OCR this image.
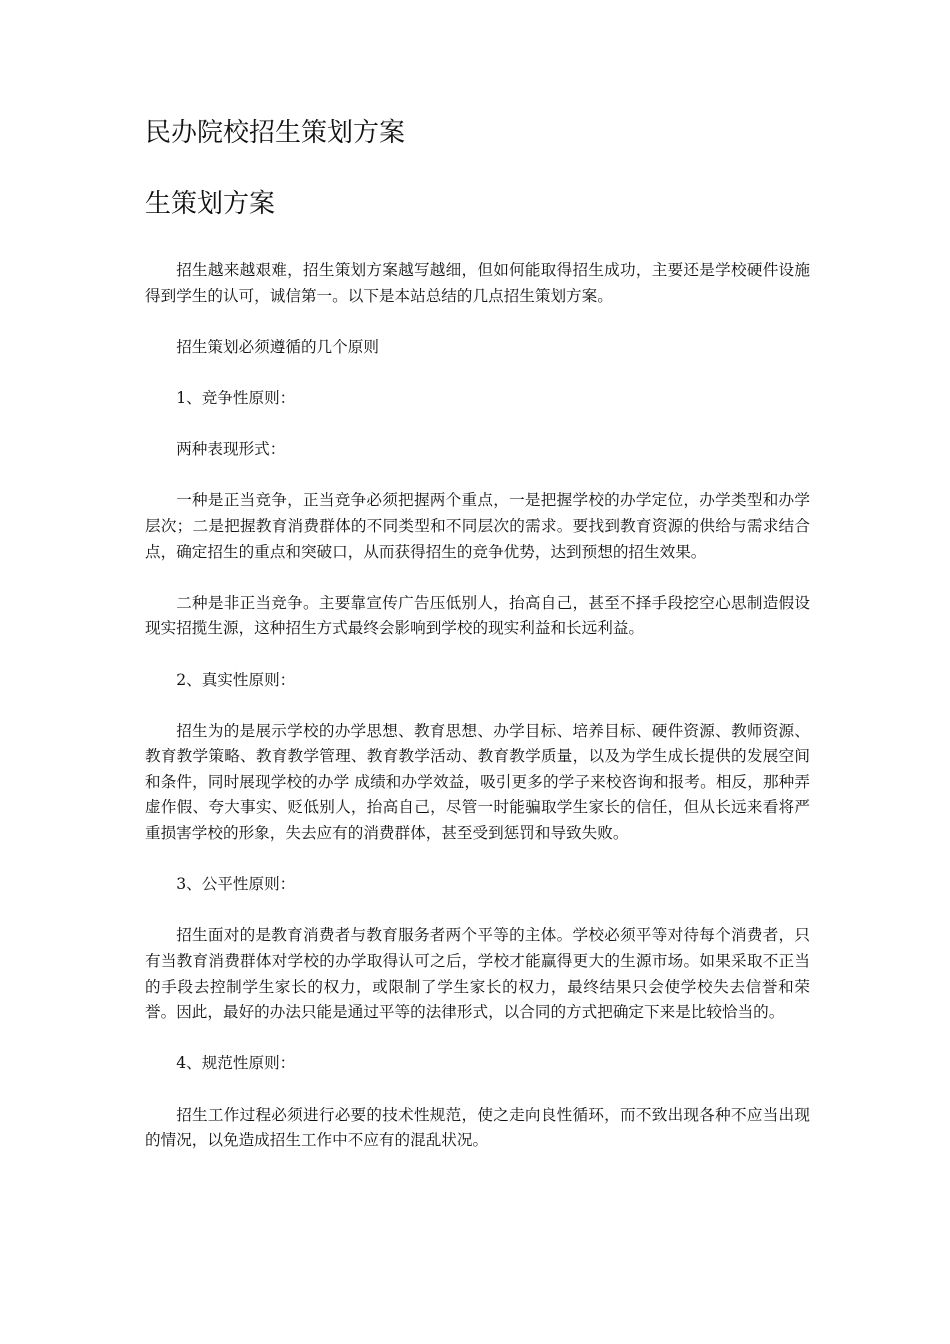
民办院校招生策划方案
生策划方案

招生越来越艰难，招生策划方案越写越细，但如何能取得招生成功，主要还是学校硬件设施得到学生的认可，诚信第一。以下是本站总结的几点招生策划方案。

招生策划必须遵循的几个原则

1、竞争性原则：

两种表现形式：

一种是正当竞争，正当竞争必须把握两个重点，一是把握学校的办学定位，办学类型和办学层次；二是把握教育消费群体的不同类型和不同层次的需求。要找到教育资源的供给与需求结合点，确定招生的重点和突破口，从而获得招生的竞争优势，达到预想的招生效果。

二种是非正当竞争。主要靠宣传广告压低别人，抬高自己，甚至不择手段挖空心思制造假设现实招揽生源，这种招生方式最终会影响到学校的现实利益和长远利益。

2、真实性原则：

招生为的是展示学校的办学思想、教育思想、办学目标、培养目标、硬件资源、教师资源、教育教学策略、教育教学管理、教育教学活动、教育教学质量，以及为学生成长提供的发展空间和条件，同时展现学校的办学 成绩和办学效益，吸引更多的学子来校咨询和报考。相反，那种弄虚作假、夸大事实、贬低别人，抬高自己，尽管一时能骗取学生家长的信任，但从长远来看将严重损害学校的形象，失去应有的消费群体，甚至受到惩罚和导致失败。

3、公平性原则：

招生面对的是教育消费者与教育服务者两个平等的主体。学校必须平等对待每个消费者，只有当教育消费群体对学校的办学取得认可之后，学校才能赢得更大的生源市场。如果采取不正当的手段去控制学生家长的权力，或限制了学生家长的权力，最终结果只会使学校失去信誉和荣誉。因此，最好的办法只能是通过平等的法律形式，以合同的方式把确定下来是比较恰当的。

4、规范性原则：

招生工作过程必须进行必要的技术性规范，使之走向良性循环，而不致出现各种不应当出现的情况，以免造成招生工作中不应有的混乱状况。
